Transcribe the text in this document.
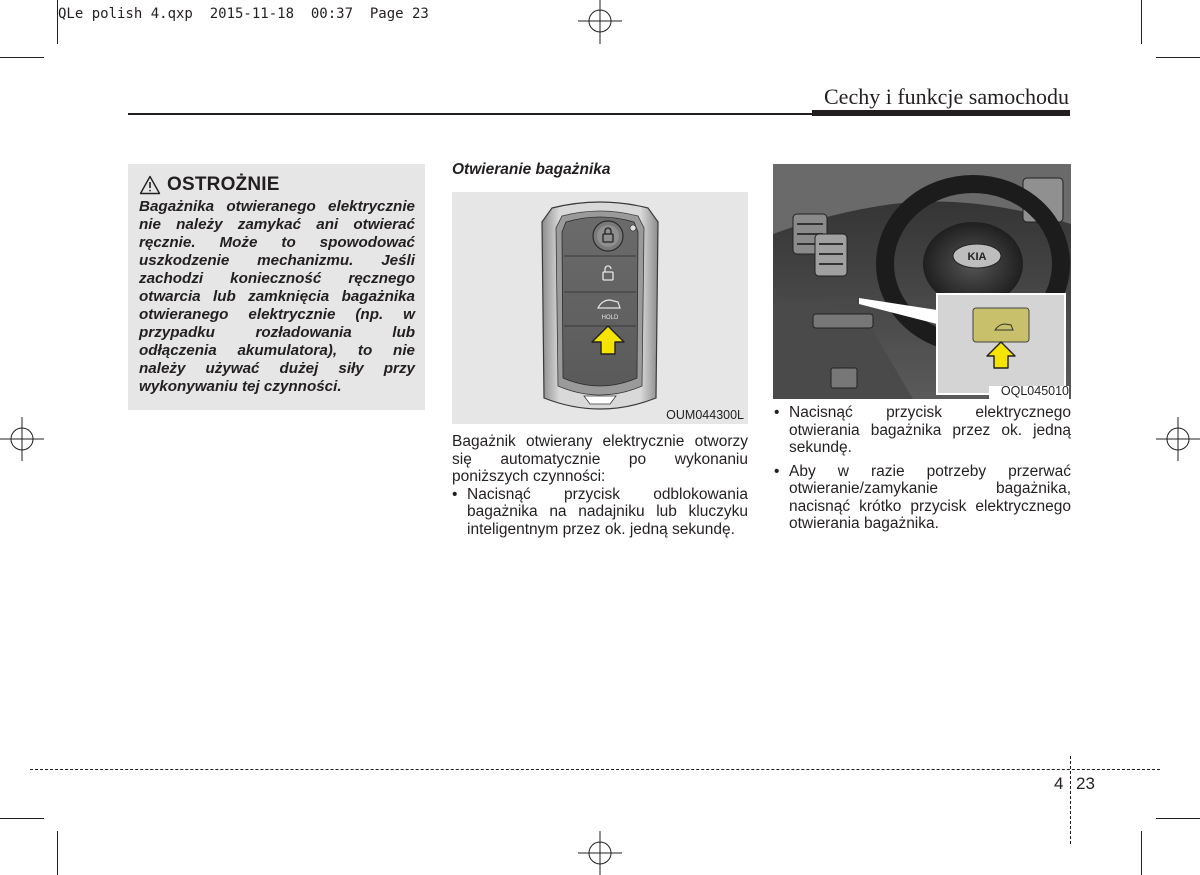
QLe polish 4.qxp  2015-11-18  00:37  Page 23
Cechy i funkcje samochodu
OSTROŻNIE

Bagażnika otwieranego elektrycznie nie należy zamykać ani otwierać ręcznie. Może to spowodować uszkodzenie mechanizmu. Jeśli zachodzi konieczność ręcznego otwarcia lub zamknięcia bagażnika otwieranego elektrycznie (np. w przypadku rozładowania lub odłączenia akumulatora), to nie należy używać dużej siły przy wykonywaniu tej czynności.

Otwieranie bagażnika
HOLD
OUM044300L

Bagażnik otwierany elektrycznie otworzy się automatycznie po wykonaniu poniższych czynności:

• Nacisnąć przycisk odblokowania bagażnika na nadajniku lub kluczyku inteligentnym przez ok. jedną sekundę.

KIA
OQL045010

• Nacisnąć przycisk elektrycznego otwierania bagażnika przez ok. jedną sekundę.

• Aby w razie potrzeby przerwać otwieranie/zamykanie bagażnika, nacisnąć krótko przycisk elektrycznego otwierania bagażnika.

4 23
